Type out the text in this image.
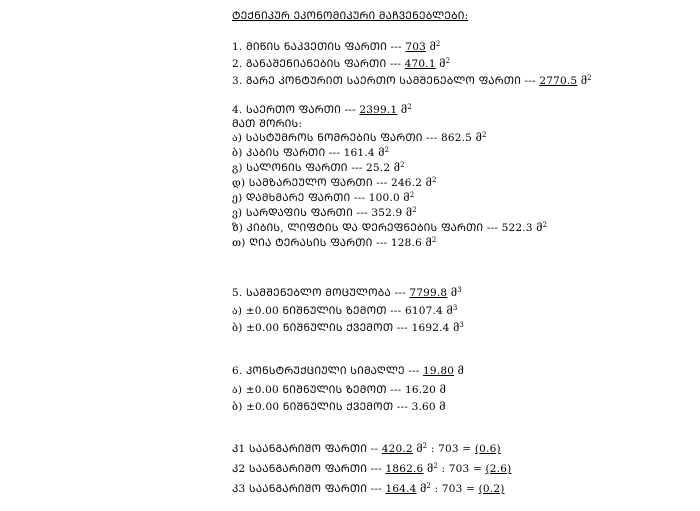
ᲢᲔᲥᲜᲘᲙᲣᲠ ᲔᲙᲝᲜᲝᲛᲘᲙᲣᲠᲘ ᲛᲐᲩᲕᲔᲜᲔᲑᲚᲔᲑᲘ:
1. ᲛᲘᲬᲘᲡ ᲜᲐᲙᲕᲔᲗᲘᲡ ᲤᲐᲠᲗᲘ --- 703 მ$^2$
2. ᲒᲐᲜᲐᲨᲔᲜᲘᲐᲜᲔᲑᲘᲡ ᲤᲐᲠᲗᲘ --- 470.1 მ$^2$
3. ᲒᲐᲠᲔ ᲙᲝᲜᲢᲣᲠᲘᲗ ᲡᲐᲔᲠᲗᲝ ᲡᲐᲛᲨᲔᲜᲔᲑᲚᲝ ᲤᲐᲠᲗᲘ --- 2770.5 მ$^2$
4. ᲡᲐᲔᲠᲗᲝ ᲤᲐᲠᲗᲘ --- 2399.1 მ$^2$
ᲛᲐᲗ ᲨᲝᲠᲘᲡ:
ა) ᲡᲐᲡᲢᲣᲛᲠᲝᲡ ᲜᲝᲛᲠᲔᲑᲘᲡ ᲤᲐᲠᲗᲘ --- 862.5 მ$^2$
ბ) ᲙᲐᲑᲘᲡ ᲤᲐᲠᲗᲘ --- 161.4 მ$^2$
გ) ᲡᲐᲚᲝᲜᲘᲡ ᲤᲐᲠᲗᲘ --- 25.2 მ$^2$
დ) ᲡᲐᲛᲖᲐᲠᲔᲣᲚᲝ ᲤᲐᲠᲗᲘ --- 246.2 მ$^2$
ე) ᲓᲐᲛᲮᲛᲐᲠᲔ ᲤᲐᲠᲗᲘ --- 100.0 მ$^2$
ვ) ᲡᲐᲠᲓᲐᲤᲘᲡ ᲤᲐᲠᲗᲘ --- 352.9 მ$^2$
ზ) ᲙᲘᲑᲘᲡ, ᲚᲘᲤᲢᲘᲡ ᲓᲐ ᲓᲔᲠᲔᲤᲜᲔᲑᲘᲡ ᲤᲐᲠᲗᲘ --- 522.3 მ$^2$
თ) ᲦᲘᲐ ᲢᲔᲠᲐᲡᲘᲡ ᲤᲐᲠᲗᲘ --- 128.6 მ$^2$
5. ᲡᲐᲛᲨᲔᲜᲔᲑᲚᲝ ᲛᲝᲪᲣᲚᲝᲑᲐ --- 7799.8 მ$^3$
ა) ±0.00 ᲜᲘᲨᲜᲣᲚᲘᲡ ᲖᲔᲛᲝᲗ --- 6107.4 მ$^3$
ბ) ±0.00 ᲜᲘᲨᲜᲣᲚᲘᲡ ᲥᲕᲔᲛᲝᲗ --- 1692.4 მ$^3$
6. ᲙᲝᲜᲡᲢᲠᲣᲥᲪᲘᲣᲚᲘ ᲡᲘᲛᲐᲦᲚᲔ --- 19.80 მ
ა) ±0.00 ᲜᲘᲨᲜᲣᲚᲘᲡ ᲖᲔᲛᲝᲗ --- 16.20 მ
ბ) ±0.00 ᲜᲘᲨᲜᲣᲚᲘᲡ ᲥᲕᲔᲛᲝᲗ --- 3.60 მ
Კ1 ᲡᲐᲐᲜᲒᲐᲠᲘᲨᲝ ᲤᲐᲠᲗᲘ -- 420.2 მ$^2$ : 703 = (0.6)
Კ2 ᲡᲐᲐᲜᲒᲐᲠᲘᲨᲝ ᲤᲐᲠᲗᲘ --- 1862.6 მ$^2$ : 703 = (2.6)
Კ3 ᲡᲐᲐᲜᲒᲐᲠᲘᲨᲝ ᲤᲐᲠᲗᲘ --- 164.4 მ$^2$ : 703 = (0.2)
